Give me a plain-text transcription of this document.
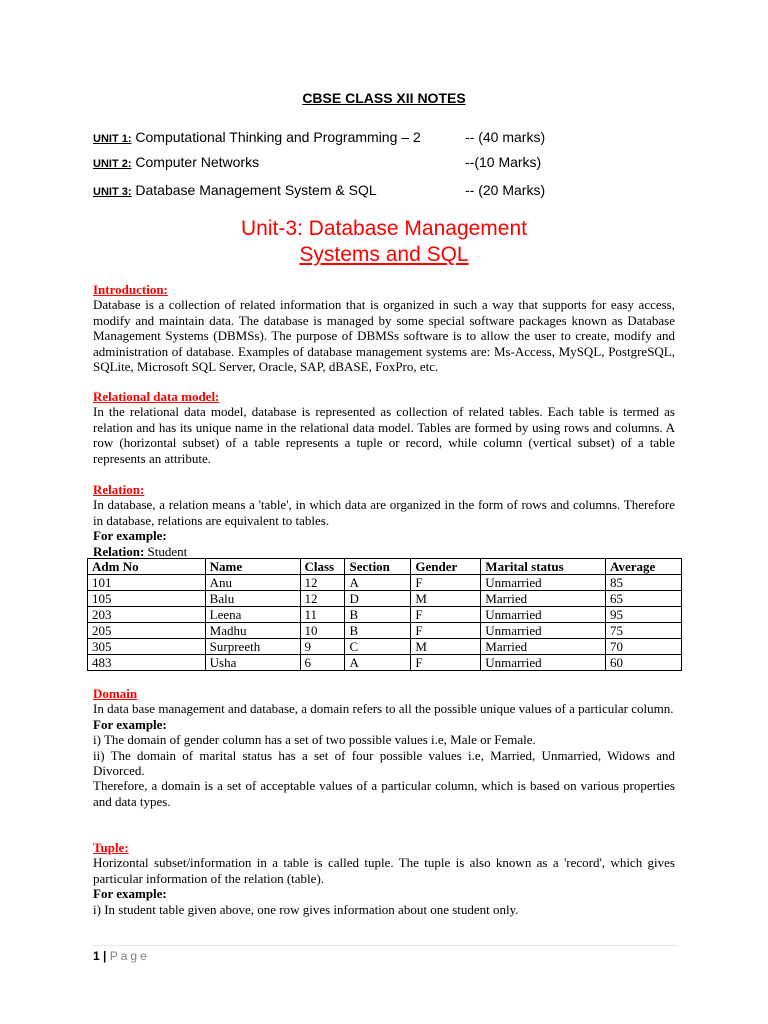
CBSE CLASS XII NOTES
UNIT 1: Computational Thinking and Programming – 2	-- (40 marks)
UNIT 2: Computer Networks	--(10 Marks)
UNIT 3: Database Management System & SQL	-- (20 Marks)
Unit-3: Database Management
Systems and SQL
Introduction:
Database is a collection of related information that is organized in such a way that supports for easy access, modify and maintain data. The database is managed by some special software packages known as Database Management Systems (DBMSs). The purpose of DBMSs software is to allow the user to create, modify and administration of database. Examples of database management systems are: Ms-Access, MySQL, PostgreSQL, SQLite, Microsoft SQL Server, Oracle, SAP, dBASE, FoxPro, etc.
Relational data model:
In the relational data model, database is represented as collection of related tables. Each table is termed as relation and has its unique name in the relational data model. Tables are formed by using rows and columns. A row (horizontal subset) of a table represents a tuple or record, while column (vertical subset) of a table represents an attribute.
Relation:
In database, a relation means a 'table', in which data are organized in the form of rows and columns. Therefore in database, relations are equivalent to tables.
For example:
Relation: Student
Adm No	Name	Class	Section	Gender	Marital status	Average
101	Anu	12	A	F	Unmarried	85
105	Balu	12	D	M	Married	65
203	Leena	11	B	F	Unmarried	95
205	Madhu	10	B	F	Unmarried	75
305	Surpreeth	9	C	M	Married	70
483	Usha	6	A	F	Unmarried	60
Domain
In data base management and database, a domain refers to all the possible unique values of a particular column.
For example:
i) The domain of gender column has a set of two possible values i.e, Male or Female.
ii) The domain of marital status has a set of four possible values i.e, Married, Unmarried, Widows and Divorced.
Therefore, a domain is a set of acceptable values of a particular column, which is based on various properties and data types.
Tuple:
Horizontal subset/information in a table is called tuple. The tuple is also known as a 'record', which gives particular information of the relation (table).
For example:
i) In student table given above, one row gives information about one student only.
1 | Page
